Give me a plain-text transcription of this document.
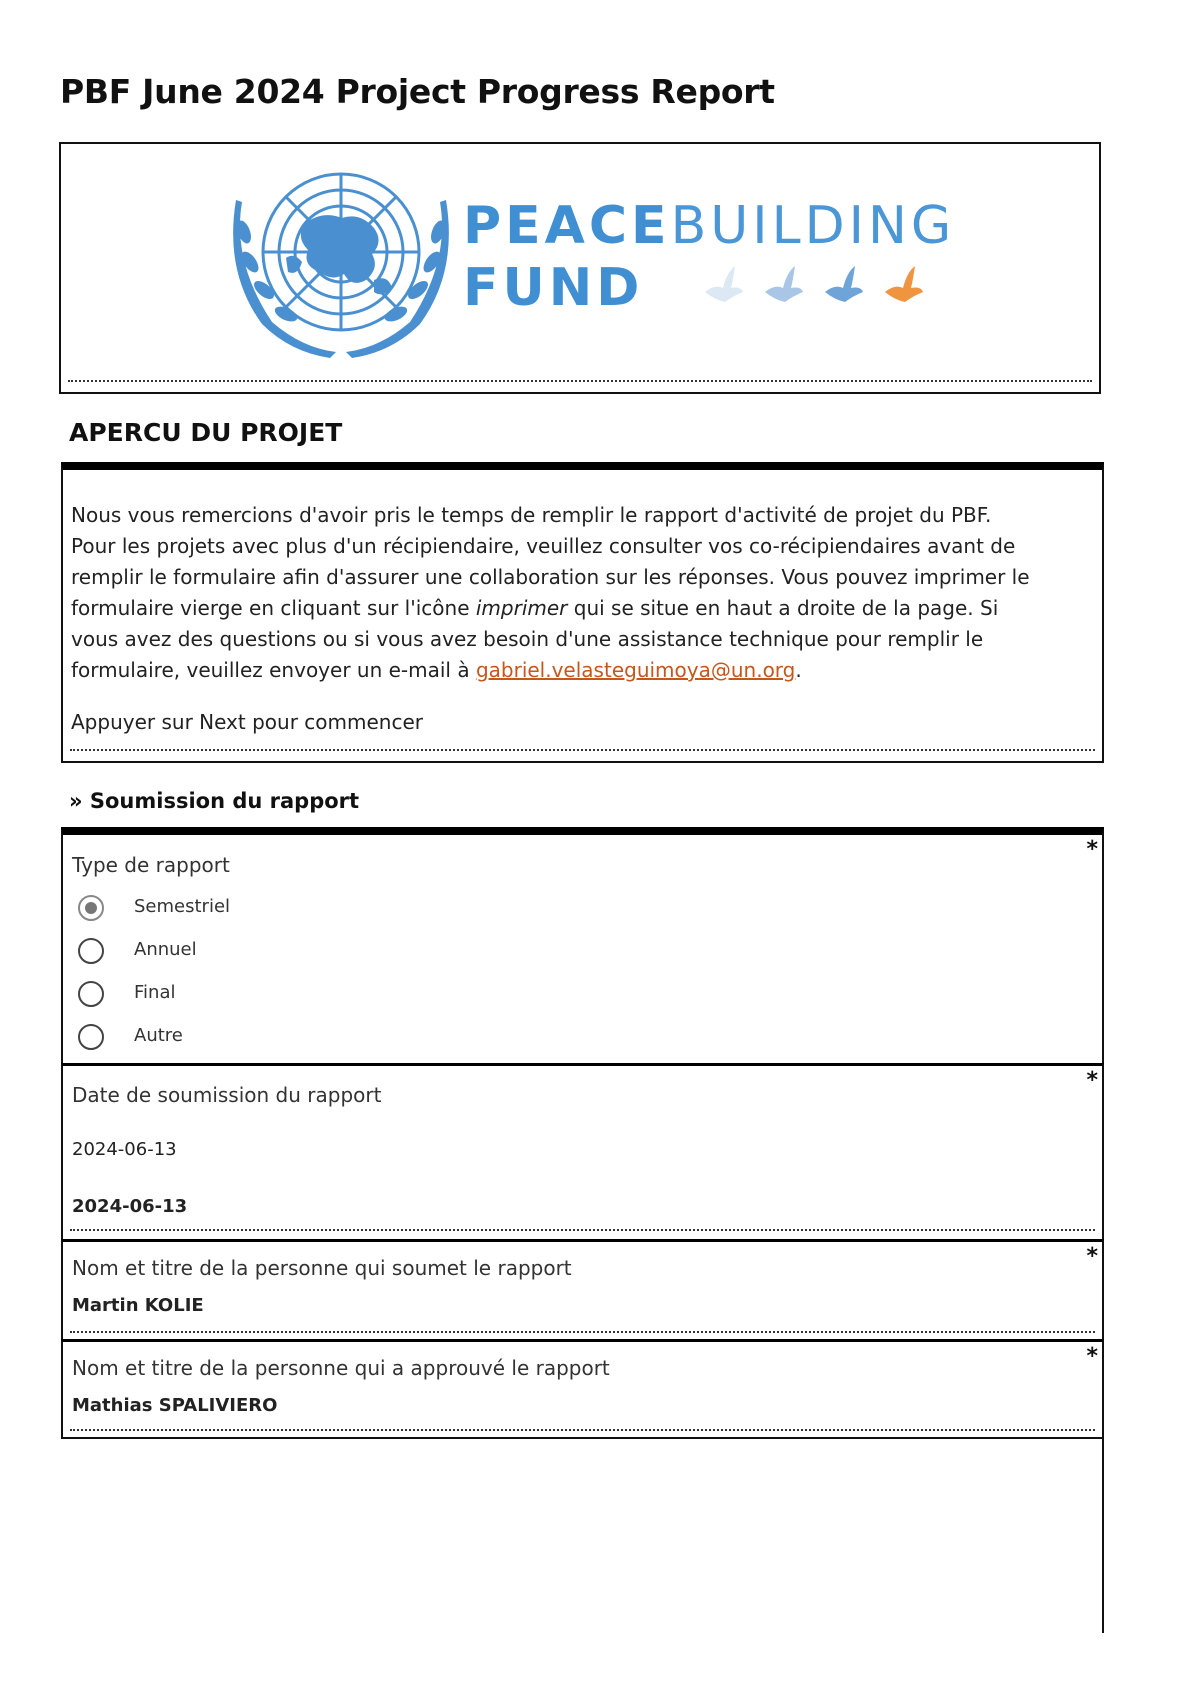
PBF June 2024 Project Progress Report
PEACEBUILDING
FUND
APERCU DU PROJET
Nous vous remercions d'avoir pris le temps de remplir le rapport d'activité de projet du PBF. Pour les projets avec plus d'un récipiendaire, veuillez consulter vos co-récipiendaires avant de remplir le formulaire afin d'assurer une collaboration sur les réponses. Vous pouvez imprimer le formulaire vierge en cliquant sur l'icône imprimer qui se situe en haut a droite de la page. Si vous avez des questions ou si vous avez besoin d'une assistance technique pour remplir le formulaire, veuillez envoyer un e-mail à gabriel.velasteguimoya@un.org.
Appuyer sur Next pour commencer
» Soumission du rapport
*
Type de rapport
Semestriel
Annuel
Final
Autre
*
Date de soumission du rapport
2024-06-13
2024-06-13
*
Nom et titre de la personne qui soumet le rapport
Martin KOLIE
*
Nom et titre de la personne qui a approuvé le rapport
Mathias SPALIVIERO
